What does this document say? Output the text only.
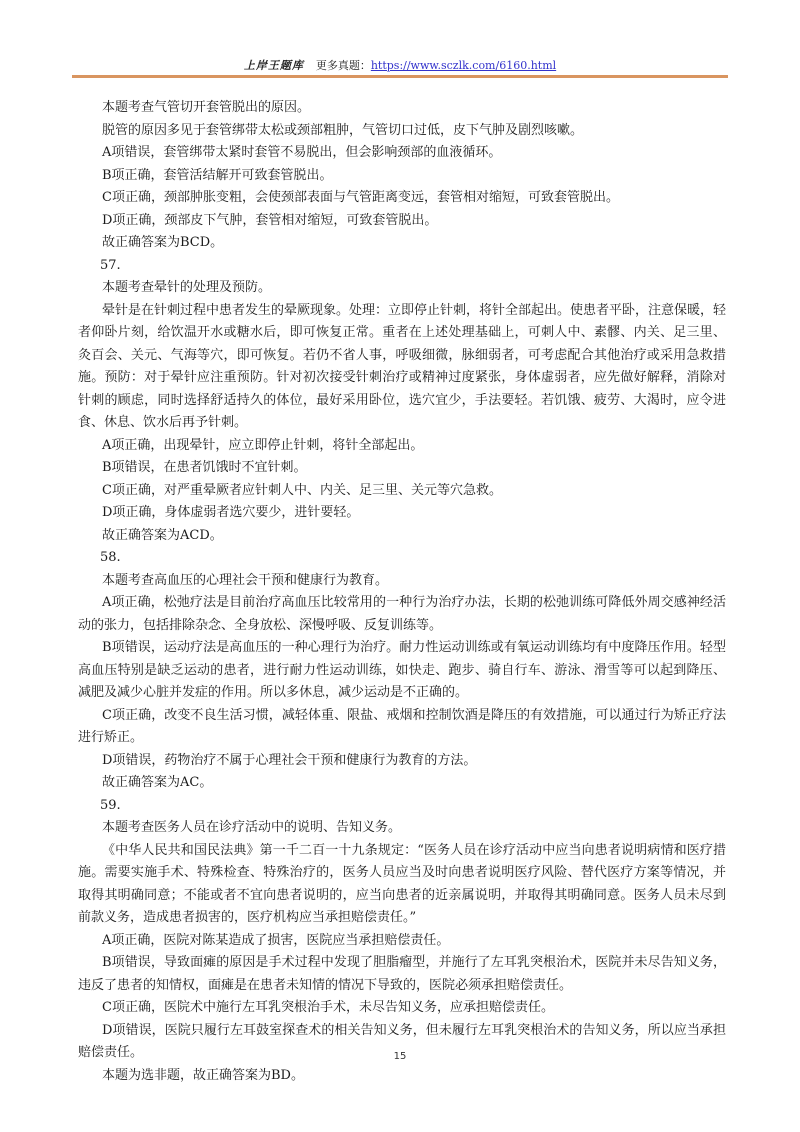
上岸王题库 更多真题：https://www.sczlk.com/6160.html

本题考查气管切开套管脱出的原因。

脱管的原因多见于套管绑带太松或颈部粗肿，气管切口过低，皮下气肿及剧烈咳嗽。

A项错误，套管绑带太紧时套管不易脱出，但会影响颈部的血液循环。

B项正确，套管活结解开可致套管脱出。

C项正确，颈部肿胀变粗，会使颈部表面与气管距离变远，套管相对缩短，可致套管脱出。

D项正确，颈部皮下气肿，套管相对缩短，可致套管脱出。

故正确答案为BCD。

57.

本题考查晕针的处理及预防。

晕针是在针刺过程中患者发生的晕厥现象。处理：立即停止针刺，将针全部起出。使患者平卧，注意保暖，轻者仰卧片刻，给饮温开水或糖水后，即可恢复正常。重者在上述处理基础上，可刺人中、素髎、内关、足三里、灸百会、关元、气海等穴，即可恢复。若仍不省人事，呼吸细微，脉细弱者，可考虑配合其他治疗或采用急救措施。预防：对于晕针应注重预防。针对初次接受针刺治疗或精神过度紧张，身体虚弱者，应先做好解释，消除对针刺的顾虑，同时选择舒适持久的体位，最好采用卧位，选穴宜少，手法要轻。若饥饿、疲劳、大渴时，应令进食、休息、饮水后再予针刺。

A项正确，出现晕针，应立即停止针刺，将针全部起出。

B项错误，在患者饥饿时不宜针刺。

C项正确，对严重晕厥者应针刺人中、内关、足三里、关元等穴急救。

D项正确，身体虚弱者选穴要少，进针要轻。

故正确答案为ACD。

58.

本题考查高血压的心理社会干预和健康行为教育。

A项正确，松弛疗法是目前治疗高血压比较常用的一种行为治疗办法，长期的松弛训练可降低外周交感神经活动的张力，包括排除杂念、全身放松、深慢呼吸、反复训练等。

B项错误，运动疗法是高血压的一种心理行为治疗。耐力性运动训练或有氧运动训练均有中度降压作用。轻型高血压特别是缺乏运动的患者，进行耐力性运动训练，如快走、跑步、骑自行车、游泳、滑雪等可以起到降压、减肥及减少心脏并发症的作用。所以多休息，减少运动是不正确的。

C项正确，改变不良生活习惯，减轻体重、限盐、戒烟和控制饮酒是降压的有效措施，可以通过行为矫正疗法进行矫正。

D项错误，药物治疗不属于心理社会干预和健康行为教育的方法。

故正确答案为AC。

59.

本题考查医务人员在诊疗活动中的说明、告知义务。

《中华人民共和国民法典》第一千二百一十九条规定：“医务人员在诊疗活动中应当向患者说明病情和医疗措施。需要实施手术、特殊检查、特殊治疗的，医务人员应当及时向患者说明医疗风险、替代医疗方案等情况，并取得其明确同意；不能或者不宜向患者说明的，应当向患者的近亲属说明，并取得其明确同意。医务人员未尽到前款义务，造成患者损害的，医疗机构应当承担赔偿责任。”

A项正确，医院对陈某造成了损害，医院应当承担赔偿责任。

B项错误，导致面瘫的原因是手术过程中发现了胆脂瘤型，并施行了左耳乳突根治术，医院并未尽告知义务，违反了患者的知情权，面瘫是在患者未知情的情况下导致的，医院必须承担赔偿责任。

C项正确，医院术中施行左耳乳突根治手术，未尽告知义务，应承担赔偿责任。

D项错误，医院只履行左耳鼓室探查术的相关告知义务，但未履行左耳乳突根治术的告知义务，所以应当承担赔偿责任。

本题为选非题，故正确答案为BD。

15
